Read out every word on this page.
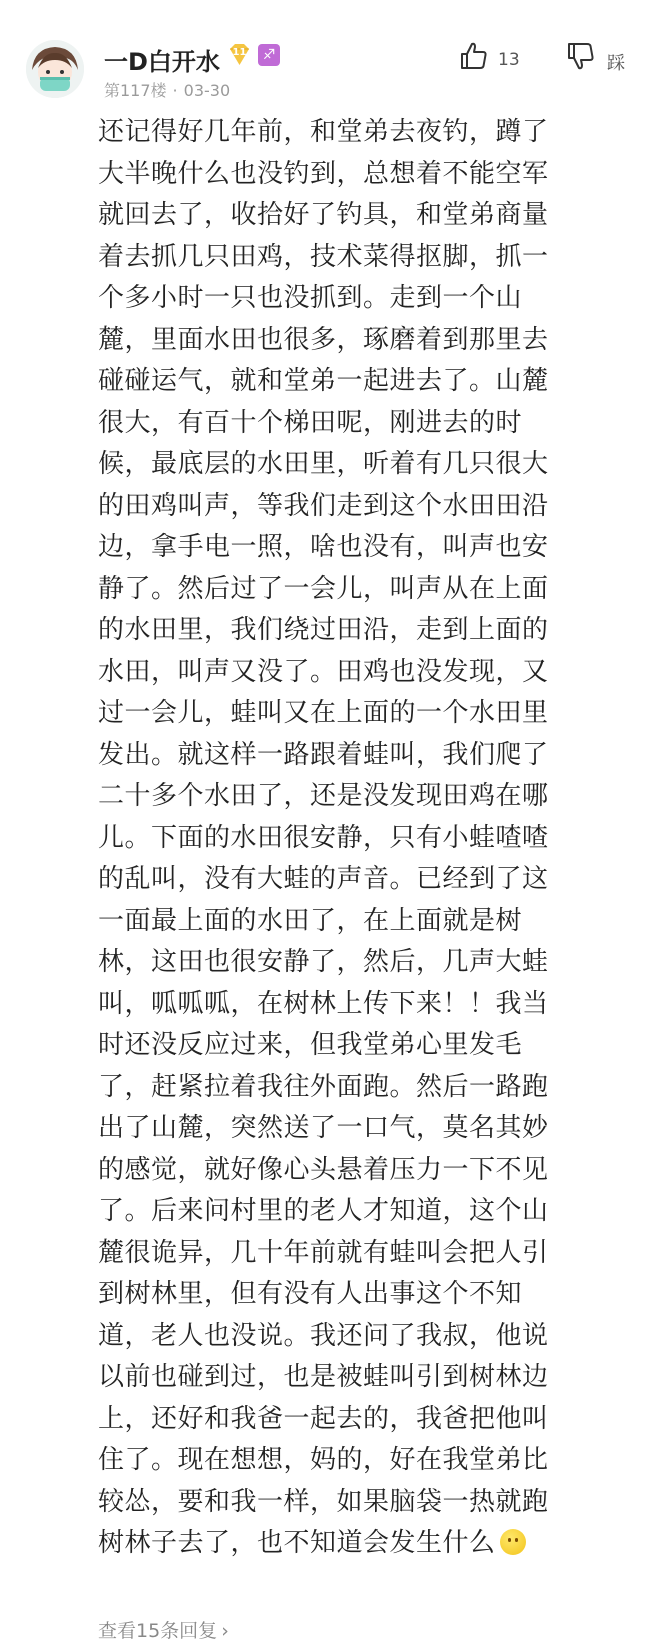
一D白开水	11	♐
第117楼 · 03-30
13	踩
还记得好几年前，和堂弟去夜钓，蹲了
大半晚什么也没钓到，总想着不能空军
就回去了，收拾好了钓具，和堂弟商量
着去抓几只田鸡，技术菜得抠脚，抓一
个多小时一只也没抓到。走到一个山
麓，里面水田也很多，琢磨着到那里去
碰碰运气，就和堂弟一起进去了。山麓
很大，有百十个梯田呢，刚进去的时
候，最底层的水田里，听着有几只很大
的田鸡叫声，等我们走到这个水田田沿
边，拿手电一照，啥也没有，叫声也安
静了。然后过了一会儿，叫声从在上面
的水田里，我们绕过田沿，走到上面的
水田，叫声又没了。田鸡也没发现，又
过一会儿，蛙叫又在上面的一个水田里
发出。就这样一路跟着蛙叫，我们爬了
二十多个水田了，还是没发现田鸡在哪
儿。下面的水田很安静，只有小蛙喳喳
的乱叫，没有大蛙的声音。已经到了这
一面最上面的水田了，在上面就是树
林，这田也很安静了，然后，几声大蛙
叫，呱呱呱，在树林上传下来！！我当
时还没反应过来，但我堂弟心里发毛
了，赶紧拉着我往外面跑。然后一路跑
出了山麓，突然送了一口气，莫名其妙
的感觉，就好像心头悬着压力一下不见
了。后来问村里的老人才知道，这个山
麓很诡异，几十年前就有蛙叫会把人引
到树林里，但有没有人出事这个不知
道，老人也没说。我还问了我叔，他说
以前也碰到过，也是被蛙叫引到树林边
上，还好和我爸一起去的，我爸把他叫
住了。现在想想，妈的，好在我堂弟比
较怂，要和我一样，如果脑袋一热就跑
树林子去了，也不知道会发生什么
查看15条回复 ›
